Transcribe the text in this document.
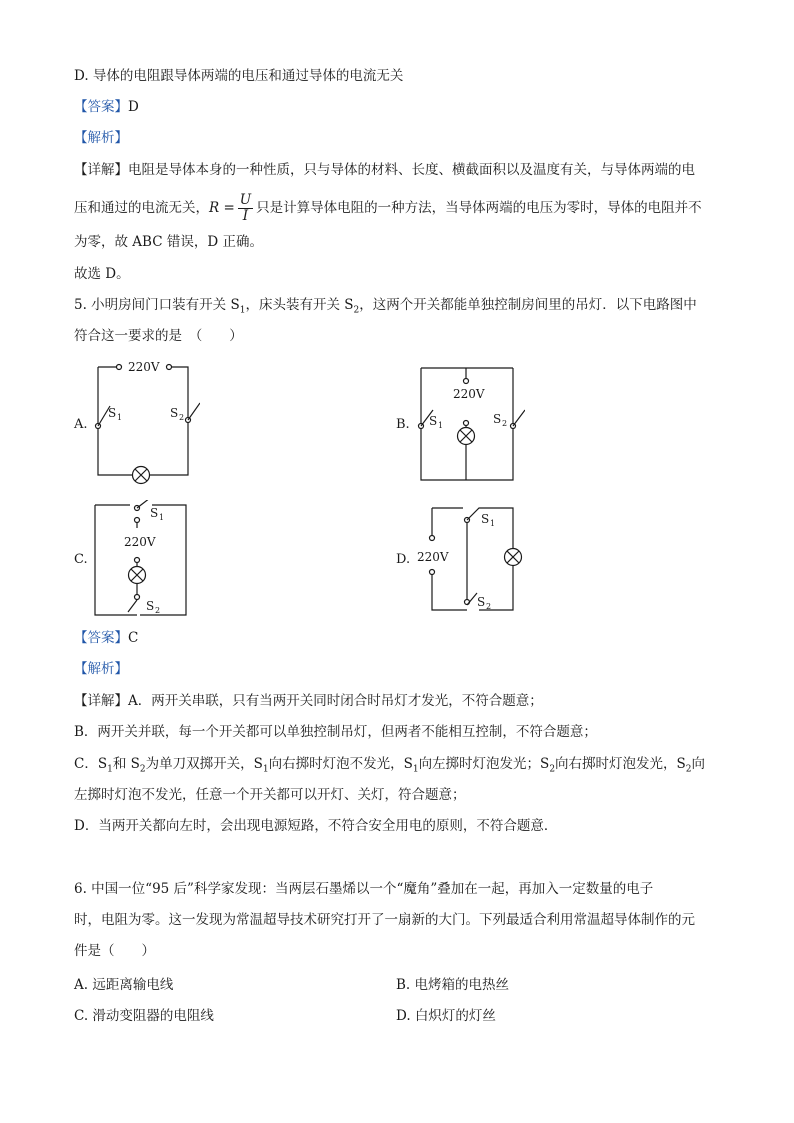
D. 导体的电阻跟导体两端的电压和通过导体的电流无关
【答案】D
【解析】
【详解】电阻是导体本身的一种性质，只与导体的材料、长度、横截面积以及温度有关，与导体两端的电
压和通过的电流无关，$R = \frac{U}{I}$ 只是计算导体电阻的一种方法，当导体两端的电压为零时，导体的电阻并不
为零，故 ABC 错误，D 正确。
故选 D。
5. 小明房间门口装有开关 $S_1$，床头装有开关 $S_2$，这两个开关都能单独控制房间里的吊灯．以下电路图中
符合这一要求的是　（　　）
A.
220V
S 1	S 2	B.
220V
S 1	S 2
C.
220V
S 1
S 2
D. 220V
S 1
S 2
【答案】C
【解析】
【详解】A．两开关串联，只有当两开关同时闭合时吊灯才发光，不符合题意；
B．两开关并联，每一个开关都可以单独控制吊灯，但两者不能相互控制，不符合题意；
C．$S_1$和 $S_2$为单刀双掷开关，$S_1$向右掷时灯泡不发光，$S_1$向左掷时灯泡发光；$S_2$向右掷时灯泡发光，$S_2$向
左掷时灯泡不发光，任意一个开关都可以开灯、关灯，符合题意；
D．当两开关都向左时，会出现电源短路，不符合安全用电的原则，不符合题意．
6. 中国一位“95 后”科学家发现：当两层石墨烯以一个“魔角”叠加在一起，再加入一定数量的电子
时，电阻为零。这一发现为常温超导技术研究打开了一扇新的大门。下列最适合利用常温超导体制作的元
件是（　　）
A. 远距离输电线	B. 电烤箱的电热丝
C. 滑动变阻器的电阻线	D. 白炽灯的灯丝
